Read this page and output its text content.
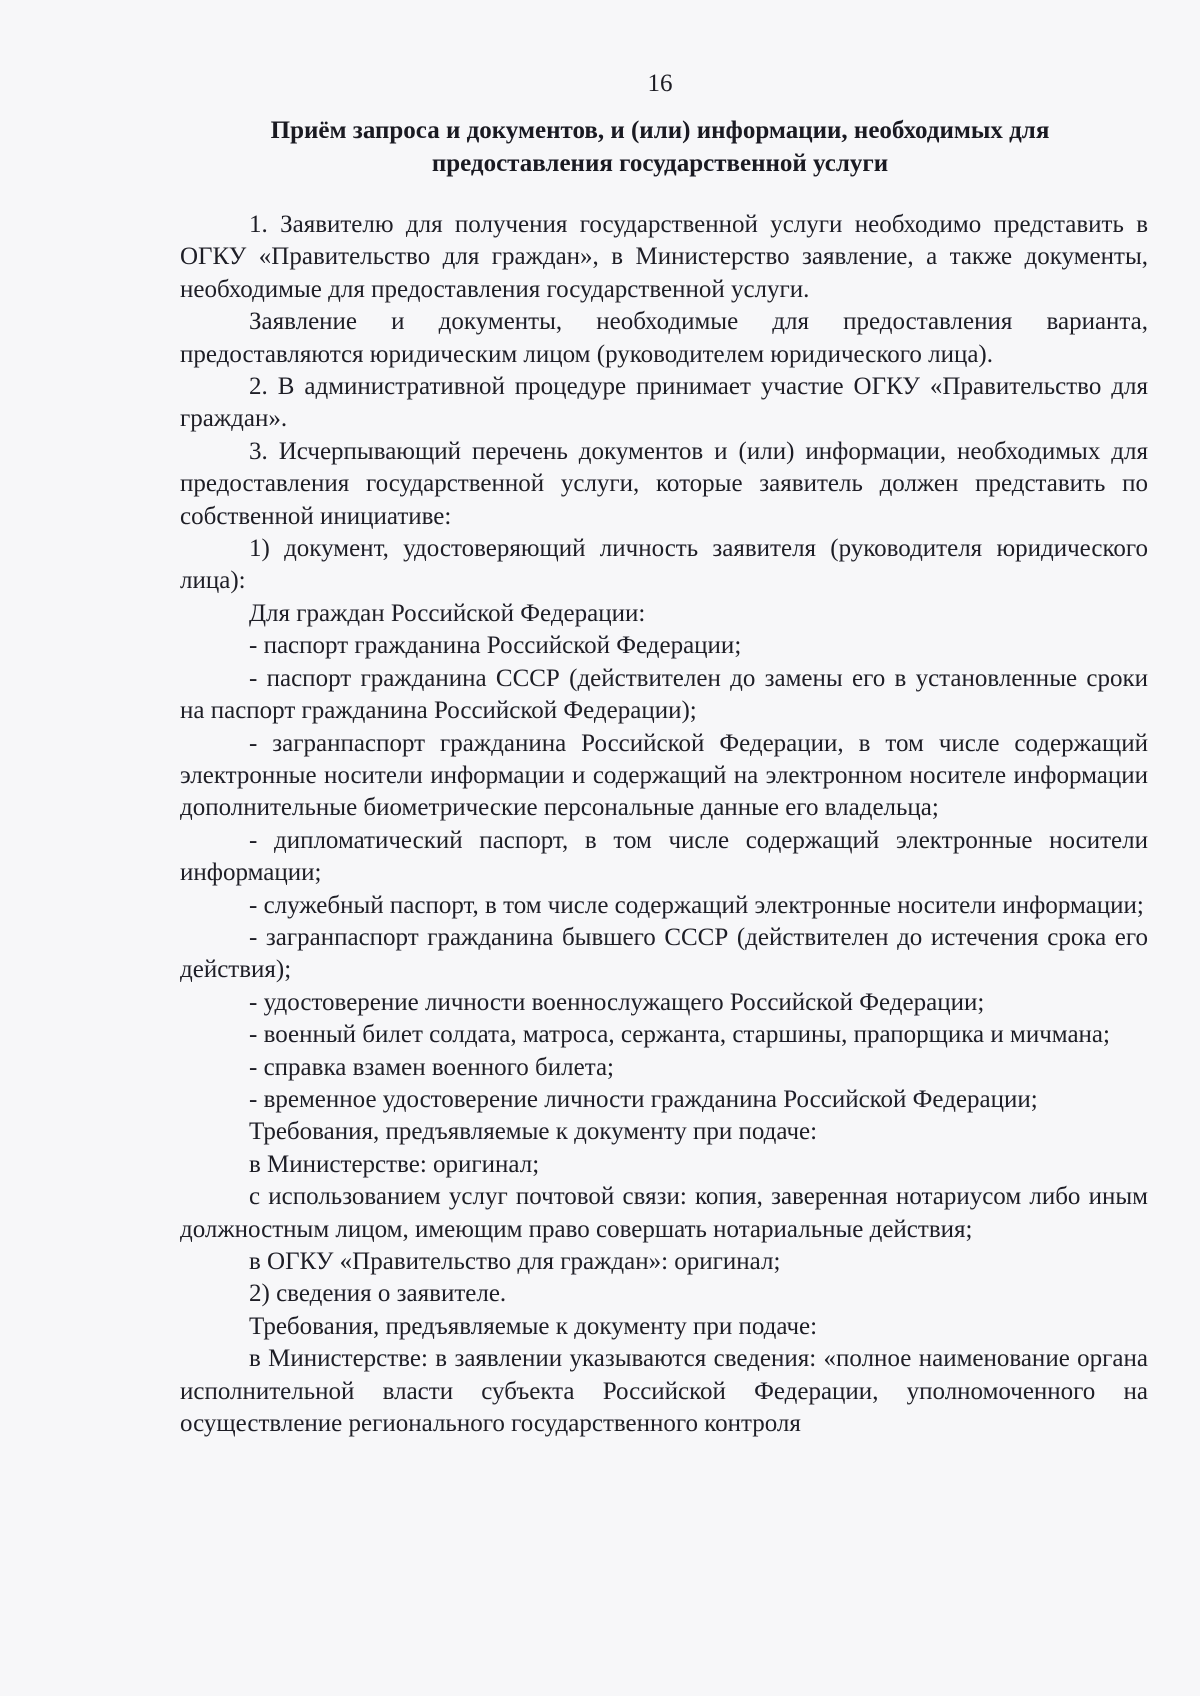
16
Приём запроса и документов, и (или) информации, необходимых для
предоставления государственной услуги

1. Заявителю для получения государственной услуги необходимо представить в ОГКУ «Правительство для граждан», в Министерство заявление, а также документы, необходимые для предоставления государственной услуги.

Заявление и документы, необходимые для предоставления варианта, предоставляются юридическим лицом (руководителем юридического лица).

2. В административной процедуре принимает участие ОГКУ «Правительство для граждан».

3. Исчерпывающий перечень документов и (или) информации, необходимых для предоставления государственной услуги, которые заявитель должен представить по собственной инициативе:

1) документ, удостоверяющий личность заявителя (руководителя юридического лица):

Для граждан Российской Федерации:

- паспорт гражданина Российской Федерации;

- паспорт гражданина СССР (действителен до замены его в установленные сроки на паспорт гражданина Российской Федерации);

- загранпаспорт гражданина Российской Федерации, в том числе содержащий электронные носители информации и содержащий на электронном носителе информации дополнительные биометрические персональные данные его владельца;

- дипломатический паспорт, в том числе содержащий электронные носители информации;

- служебный паспорт, в том числе содержащий электронные носители информации;

- загранпаспорт гражданина бывшего СССР (действителен до истечения срока его действия);

- удостоверение личности военнослужащего Российской Федерации;

- военный билет солдата, матроса, сержанта, старшины, прапорщика и мичмана;

- справка взамен военного билета;

- временное удостоверение личности гражданина Российской Федерации;

Требования, предъявляемые к документу при подаче:

в Министерстве: оригинал;

с использованием услуг почтовой связи: копия, заверенная нотариусом либо иным должностным лицом, имеющим право совершать нотариальные действия;

в ОГКУ «Правительство для граждан»: оригинал;

2) сведения о заявителе.

Требования, предъявляемые к документу при подаче:

в Министерстве: в заявлении указываются сведения: «полное наименование органа исполнительной власти субъекта Российской Федерации, уполномоченного на осуществление регионального государственного контроля
